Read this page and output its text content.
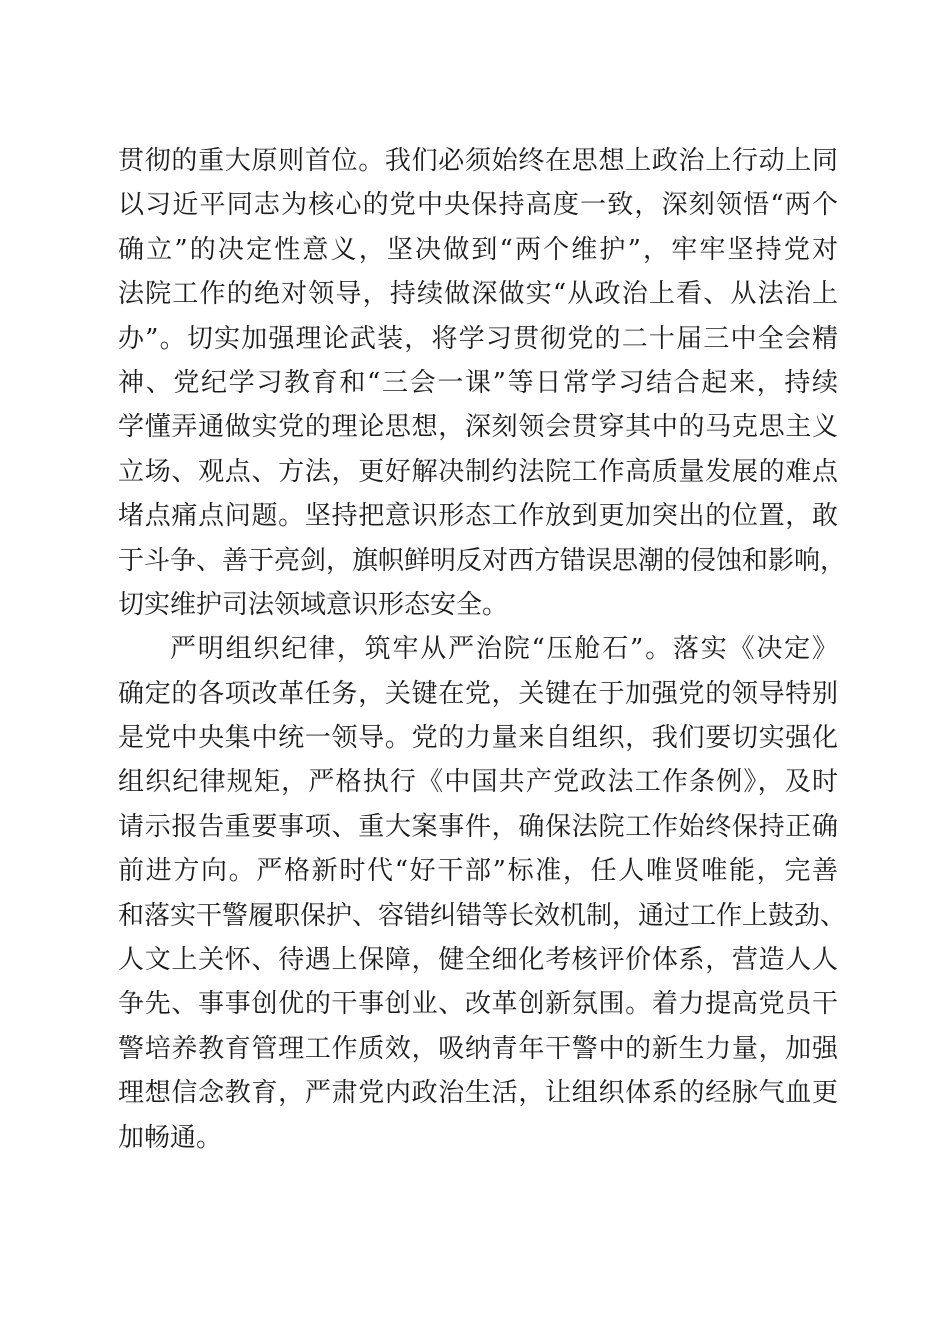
贯彻的重大原则首位。我们必须始终在思想上政治上行动上同
以习近平同志为核心的党中央保持高度一致，深刻领悟“两个
确立”的决定性意义，坚决做到“两个维护”，牢牢坚持党对
法院工作的绝对领导，持续做深做实“从政治上看、从法治上
办”。切实加强理论武装，将学习贯彻党的二十届三中全会精
神、党纪学习教育和“三会一课”等日常学习结合起来，持续
学懂弄通做实党的理论思想，深刻领会贯穿其中的马克思主义
立场、观点、方法，更好解决制约法院工作高质量发展的难点
堵点痛点问题。坚持把意识形态工作放到更加突出的位置，敢
于斗争、善于亮剑，旗帜鲜明反对西方错误思潮的侵蚀和影响，
切实维护司法领域意识形态安全。
严明组织纪律，筑牢从严治院“压舱石”。落实《决定》
确定的各项改革任务，关键在党，关键在于加强党的领导特别
是党中央集中统一领导。党的力量来自组织，我们要切实强化
组织纪律规矩，严格执行《中国共产党政法工作条例》，及时
请示报告重要事项、重大案事件，确保法院工作始终保持正确
前进方向。严格新时代“好干部”标准，任人唯贤唯能，完善
和落实干警履职保护、容错纠错等长效机制，通过工作上鼓劲、
人文上关怀、待遇上保障，健全细化考核评价体系，营造人人
争先、事事创优的干事创业、改革创新氛围。着力提高党员干
警培养教育管理工作质效，吸纳青年干警中的新生力量，加强
理想信念教育，严肃党内政治生活，让组织体系的经脉气血更
加畅通。
